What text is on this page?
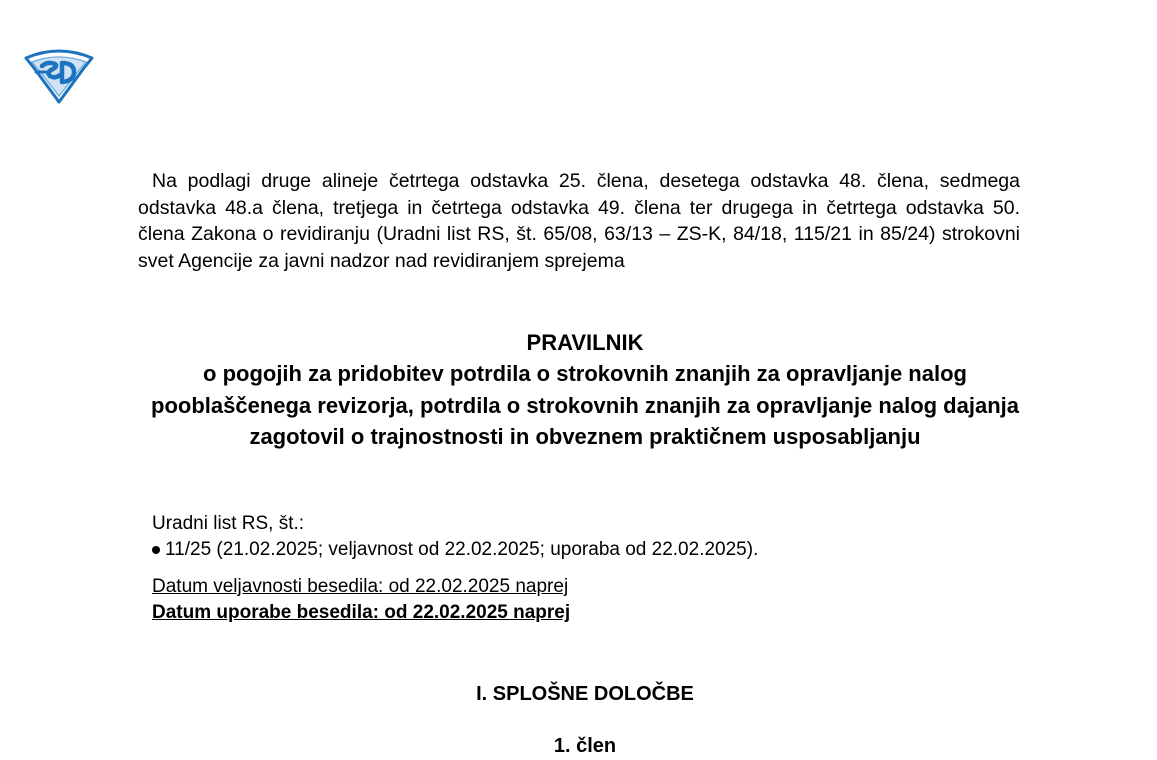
Na podlagi druge alineje četrtega odstavka 25. člena, desetega odstavka 48. člena, sedmega odstavka 48.a člena, tretjega in četrtega odstavka 49. člena ter drugega in četrtega odstavka 50. člena Zakona o revidiranju (Uradni list RS, št. 65/08, 63/13 – ZS-K, 84/18, 115/21 in 85/24) strokovni svet Agencije za javni nadzor nad revidiranjem sprejema

PRAVILNIK

o pogojih za pridobitev potrdila o strokovnih znanjih za opravljanje nalog pooblaščenega revizorja, potrdila o strokovnih znanjih za opravljanje nalog dajanja zagotovil o trajnostnosti in obveznem praktičnem usposabljanju

Uradni list RS, št.:

11/25 (21.02.2025; veljavnost od 22.02.2025; uporaba od 22.02.2025).

Datum veljavnosti besedila: od 22.02.2025 naprej

Datum uporabe besedila: od 22.02.2025 naprej

I. SPLOŠNE DOLOČBE

1. člen
